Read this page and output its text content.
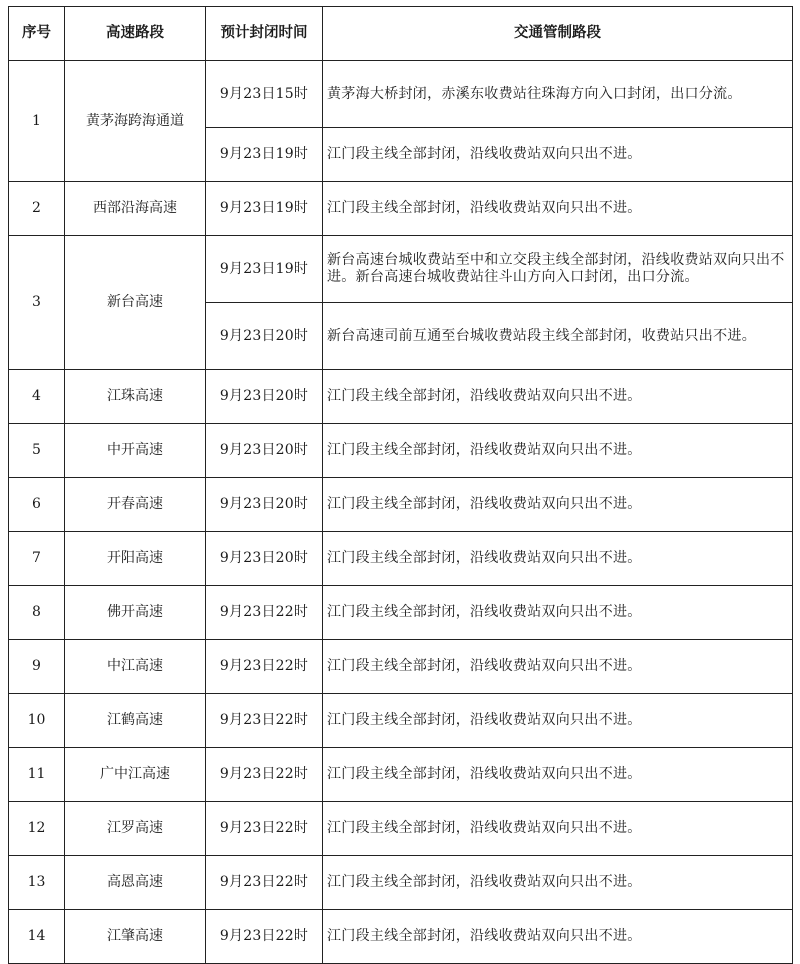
序号	高速路段	预计封闭时间	交通管制路段
1	黄茅海跨海通道	9月23日15时	黄茅海大桥封闭，赤溪东收费站往珠海方向入口封闭，出口分流。
		9月23日19时	江门段主线全部封闭，沿线收费站双向只出不进。
2	西部沿海高速	9月23日19时	江门段主线全部封闭，沿线收费站双向只出不进。
3	新台高速	9月23日19时	新台高速台城收费站至中和立交段主线全部封闭，沿线收费站双向只出不进。新台高速台城收费站往斗山方向入口封闭，出口分流。
		9月23日20时	新台高速司前互通至台城收费站段主线全部封闭，收费站只出不进。
4	江珠高速	9月23日20时	江门段主线全部封闭，沿线收费站双向只出不进。
5	中开高速	9月23日20时	江门段主线全部封闭，沿线收费站双向只出不进。
6	开春高速	9月23日20时	江门段主线全部封闭，沿线收费站双向只出不进。
7	开阳高速	9月23日20时	江门段主线全部封闭，沿线收费站双向只出不进。
8	佛开高速	9月23日22时	江门段主线全部封闭，沿线收费站双向只出不进。
9	中江高速	9月23日22时	江门段主线全部封闭，沿线收费站双向只出不进。
10	江鹤高速	9月23日22时	江门段主线全部封闭，沿线收费站双向只出不进。
11	广中江高速	9月23日22时	江门段主线全部封闭，沿线收费站双向只出不进。
12	江罗高速	9月23日22时	江门段主线全部封闭，沿线收费站双向只出不进。
13	高恩高速	9月23日22时	江门段主线全部封闭，沿线收费站双向只出不进。
14	江肇高速	9月23日22时	江门段主线全部封闭，沿线收费站双向只出不进。
